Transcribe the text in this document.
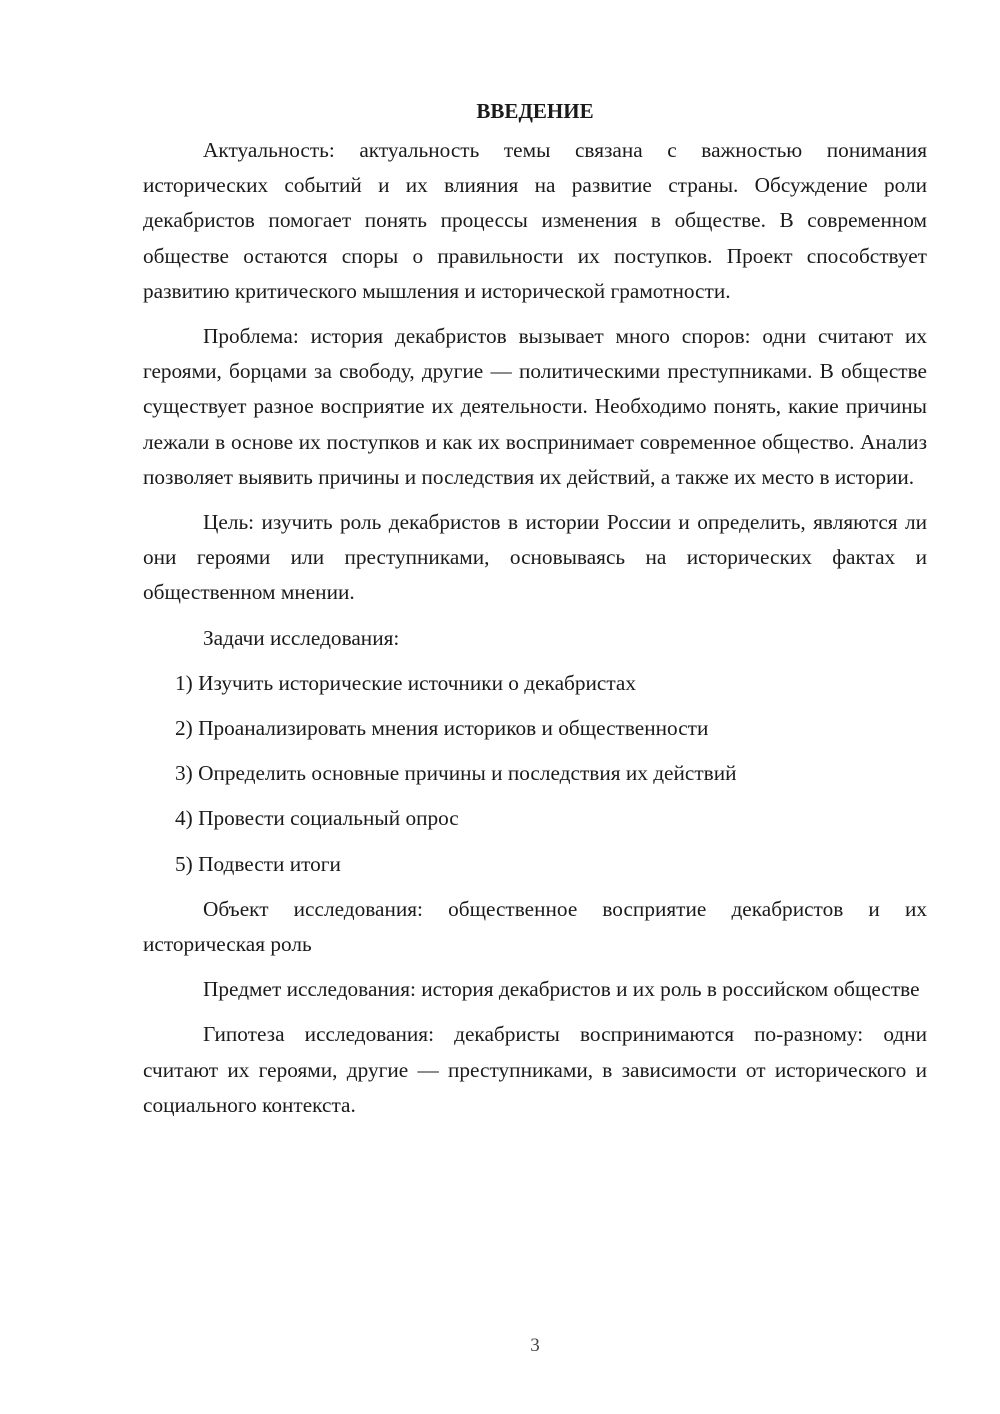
ВВЕДЕНИЕ

Актуальность: актуальность темы связана с важностью понимания исторических событий и их влияния на развитие страны. Обсуждение роли декабристов помогает понять процессы изменения в обществе. В современном обществе остаются споры о правильности их поступков. Проект способствует развитию критического мышления и исторической грамотности.

Проблема: история декабристов вызывает много споров: одни считают их героями, борцами за свободу, другие — политическими преступниками. В обществе существует разное восприятие их деятельности. Необходимо понять, какие причины лежали в основе их поступков и как их воспринимает современное общество. Анализ позволяет выявить причины и последствия их действий, а также их место в истории.

Цель: изучить роль декабристов в истории России и определить, являются ли они героями или преступниками, основываясь на исторических фактах и общественном мнении.

Задачи исследования:

1) Изучить исторические источники о декабристах

2) Проанализировать мнения историков и общественности

3) Определить основные причины и последствия их действий

4) Провести социальный опрос

5) Подвести итоги

Объект исследования: общественное восприятие декабристов и их историческая роль

Предмет исследования: история декабристов и их роль в российском обществе

Гипотеза исследования: декабристы воспринимаются по-разному: одни считают их героями, другие — преступниками, в зависимости от исторического и социального контекста.

3
